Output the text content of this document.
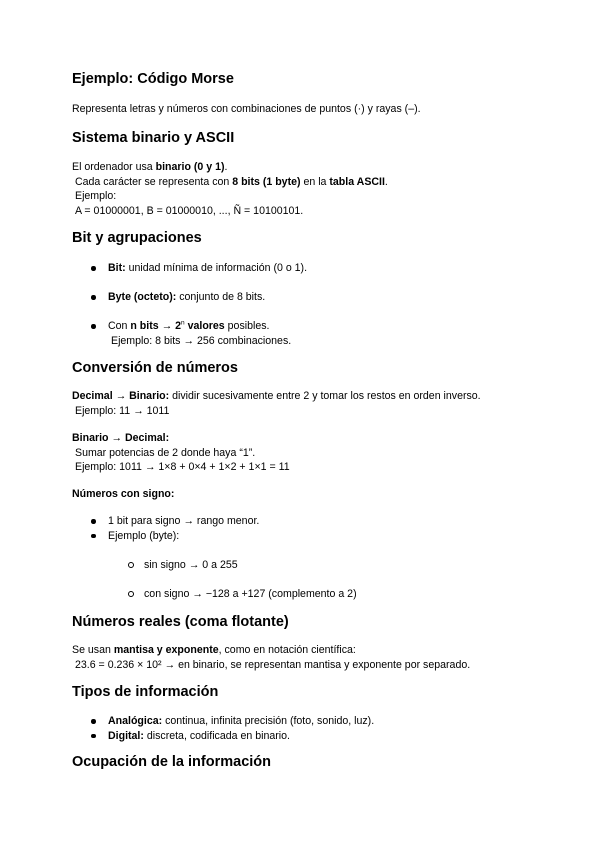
Ejemplo: Código Morse
Representa letras y números con combinaciones de puntos (·) y rayas (–).
Sistema binario y ASCII
El ordenador usa binario (0 y 1).
Cada carácter se representa con 8 bits (1 byte) en la tabla ASCII.
Ejemplo:
A = 01000001, B = 01000010, ..., Ñ = 10100101.
Bit y agrupaciones
Bit: unidad mínima de información (0 o 1).
Byte (octeto): conjunto de 8 bits.
Con n bits → $2^n$ valores posibles.
Ejemplo: 8 bits → 256 combinaciones.
Conversión de números
Decimal → Binario: dividir sucesivamente entre 2 y tomar los restos en orden inverso.
Ejemplo: 11 → 1011
Binario → Decimal:
Sumar potencias de 2 donde haya “1”.
Ejemplo: 1011 → 1×8 + 0×4 + 1×2 + 1×1 = 11
Números con signo:
1 bit para signo → rango menor.
Ejemplo (byte):
sin signo → 0 a 255
con signo → −128 a +127 (complemento a 2)
Números reales (coma flotante)
Se usan mantisa y exponente, como en notación científica:
23.6 = 0.236 × 10² → en binario, se representan mantisa y exponente por separado.
Tipos de información
Analógica: continua, infinita precisión (foto, sonido, luz).
Digital: discreta, codificada en binario.
Ocupación de la información
